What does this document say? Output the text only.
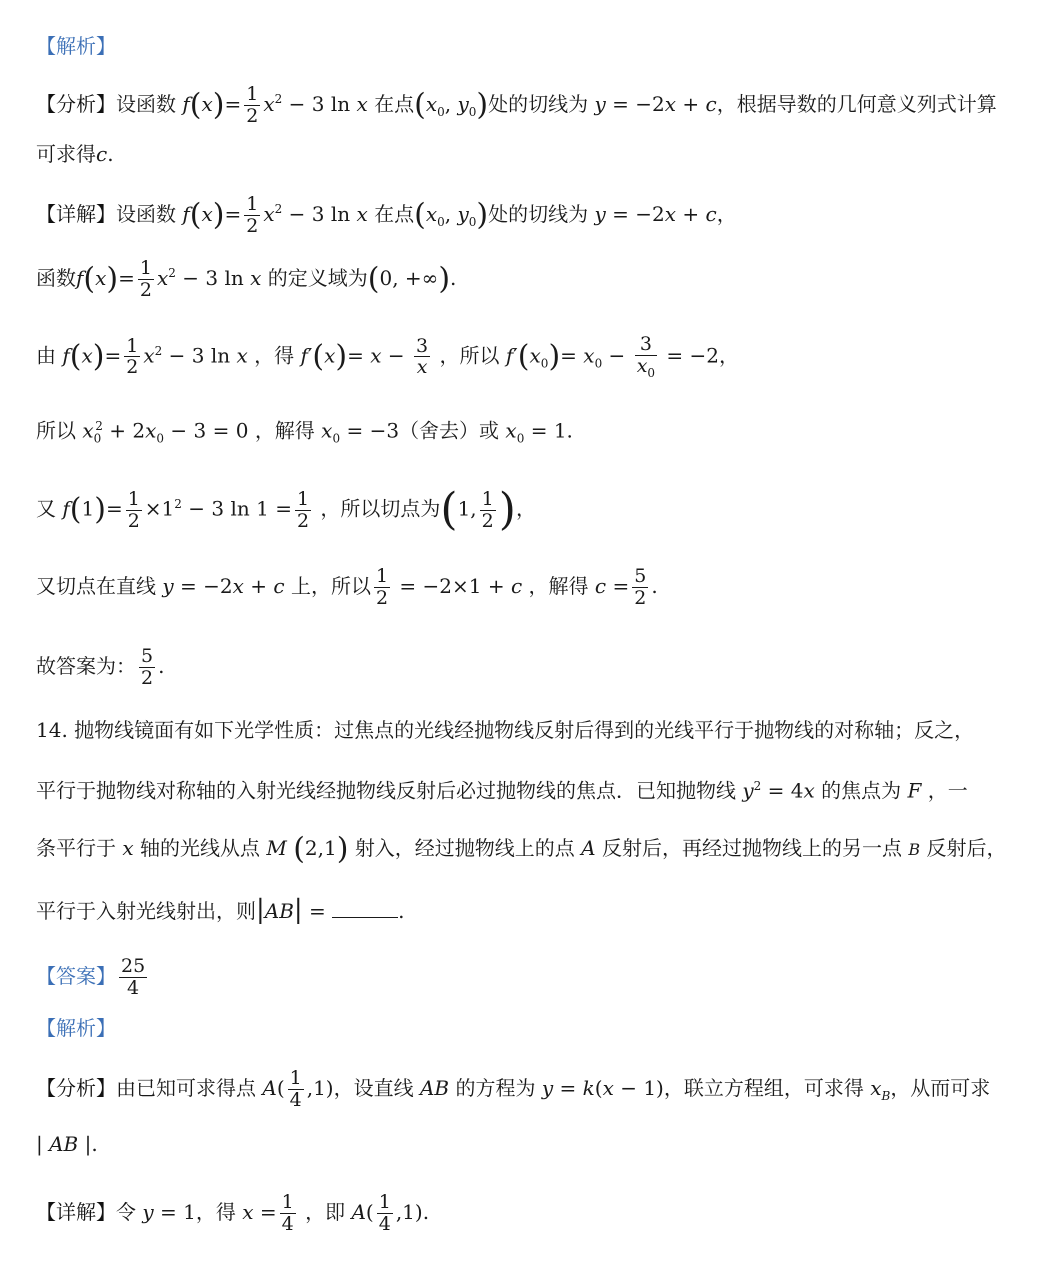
【解析】
【分析】设函数 $f(x)= \frac{1}{2} x^2 - 3$ ln x 在点($x_0$, $y_0$)处的切线为 y = −2x + c，根据导数的几何意义列式计算
可求得c.
【详解】设函数 $f(x)= \frac{1}{2} x^2 - 3$ ln x 在点($x_0$, $y_0$)处的切线为 y = −2x + c，
函数$f(x)= \frac{1}{2} x^2 - 3$ ln x 的定义域为(0, +∞).
由 $f(x)= \frac{1}{2} x^2 - 3$ ln x ，得 $f'(x)= x - \frac{3}{x}$ ，所以 $f'(x_0)= x_0 - \frac{3}{x_0} = -2$，
所以 $x_0^2 + 2x_0 - 3 = 0$ ，解得 $x_0 = -3$（舍去）或 $x_0 = 1$.
又 $f(1)= \frac{1}{2} \times 1^2 - 3$ $\ln 1 = \frac{1}{2}$ ，所以切点为(1, $\frac{1}{2}$ )，
又切点在直线 y = −2x + c 上，所以 $\frac{1}{2} = -2\times 1 + c$ ，解得 $c = \frac{5}{2}$ .
故答案为： $\frac{5}{2}$ .
14. 抛物线镜面有如下光学性质：过焦点的光线经抛物线反射后得到的光线平行于抛物线的对称轴；反之，
平行于抛物线对称轴的入射光线经抛物线反射后必过抛物线的焦点．已知抛物线 $y^2 = 4x$ 的焦点为 F ，一
条平行于 x 轴的光线从点 M (2,1) 射入，经过抛物线上的点 A 反射后，再经过抛物线上的另一点 B 反射后，
平行于入射光线射出，则|AB| =	.
【答案】 $\frac{25}{4}$
【解析】
【分析】由已知可求得点 $A( \frac{1}{4} ,1)$，设直线 AB 的方程为 y = k(x − 1)，联立方程组，可求得 $x_B$，从而可求
| AB |.
【详解】令 y = 1，得 $x = \frac{1}{4}$ ，即 $A( \frac{1}{4} ,1)$.
